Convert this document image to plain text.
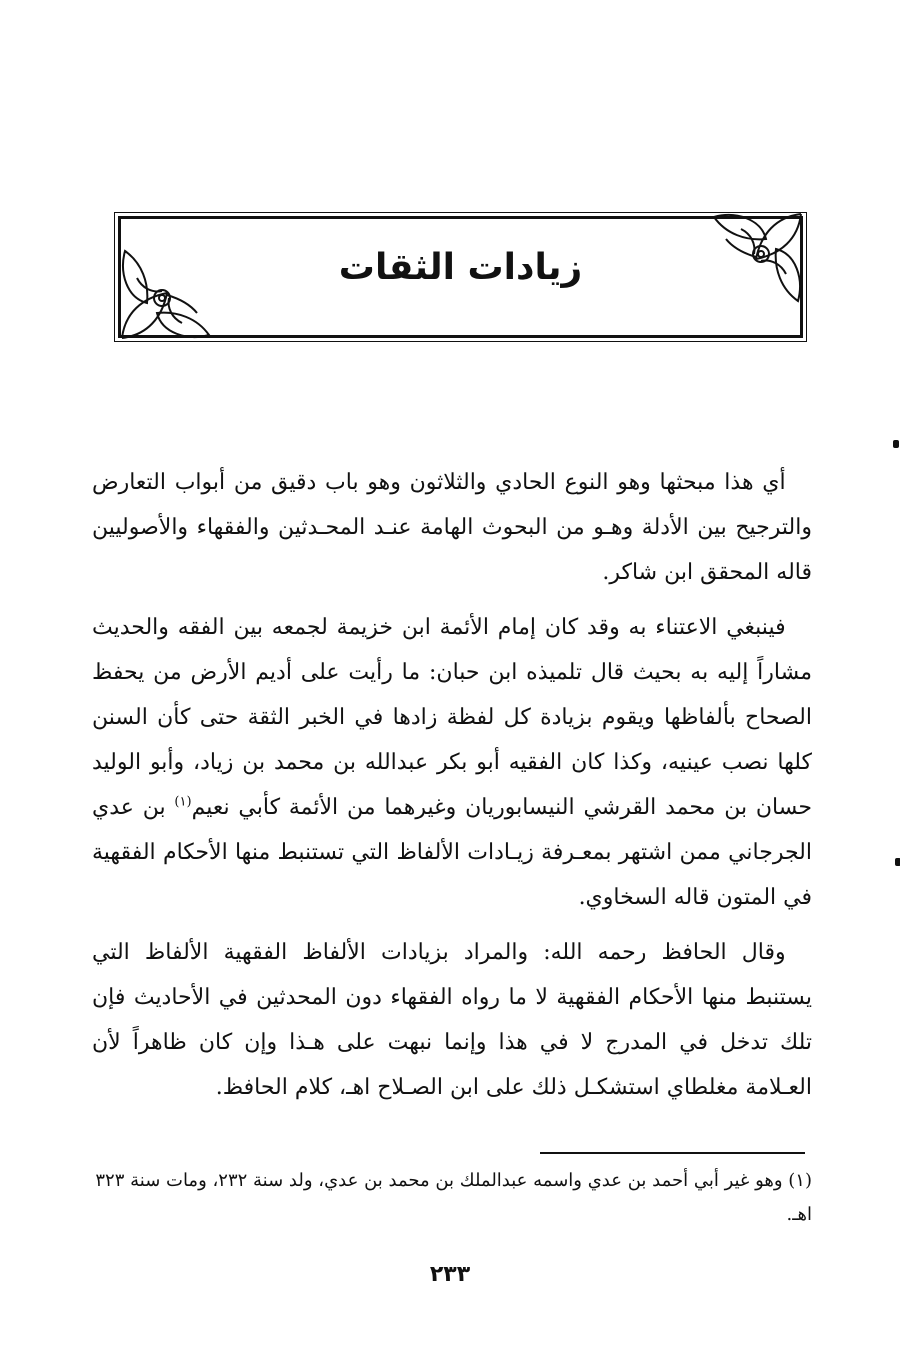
زيادات الثقات

أي هذا مبحثها وهو النوع الحادي والثلاثون وهو باب دقيق من أبواب التعارض والترجيح بين الأدلة وهـو من البحوث الهامة عنـد المحـدثين والفقهاء والأصوليين قاله المحقق ابن شاكر.

فينبغي الاعتناء به وقد كان إمام الأئمة ابن خزيمة لجمعه بين الفقه والحديث مشاراً إليه به بحيث قال تلميذه ابن حبان: ما رأيت على أديم الأرض من يحفظ الصحاح بألفاظها ويقوم بزيادة كل لفظة زادها في الخبر الثقة حتى كأن السنن كلها نصب عينيه، وكذا كان الفقيه أبو بكر عبدالله بن محمد بن زياد، وأبو الوليد حسان بن محمد القرشي النيسابوريان وغيرهما من الأئمة كأبي نعيم$^{(١)}$ بن عدي الجرجاني ممن اشتهر بمعـرفة زيـادات الألفاظ التي تستنبط منها الأحكام الفقهية في المتون قاله السخاوي.

وقال الحافظ رحمه الله: والمراد بزيادات الألفاظ الفقهية الألفاظ التي يستنبط منها الأحكام الفقهية لا ما رواه الفقهاء دون المحدثين في الأحاديث فإن تلك تدخل في المدرج لا في هذا وإنما نبهت على هـذا وإن كان ظاهراً لأن العـلامة مغلطاي استشكـل ذلك على ابن الصـلاح اهـ، كلام الحافظ.

(١) وهو غير أبي أحمد بن عدي واسمه عبدالملك بن محمد بن عدي، ولد سنة ٢٣٢، ومات سنة ٣٢٣ اهـ.
٢٣٣
